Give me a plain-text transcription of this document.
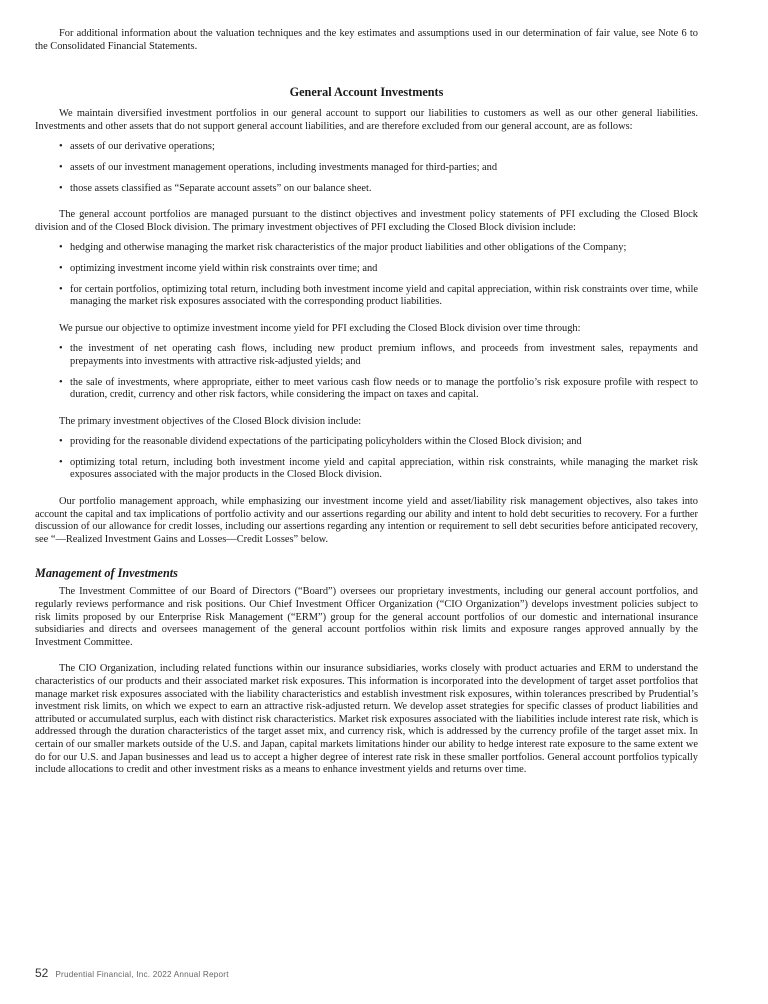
For additional information about the valuation techniques and the key estimates and assumptions used in our determination of fair value, see Note 6 to the Consolidated Financial Statements.

General Account Investments

We maintain diversified investment portfolios in our general account to support our liabilities to customers as well as our other general liabilities. Investments and other assets that do not support general account liabilities, and are therefore excluded from our general account, are as follows:

• assets of our derivative operations;
• assets of our investment management operations, including investments managed for third-parties; and
• those assets classified as “Separate account assets” on our balance sheet.

The general account portfolios are managed pursuant to the distinct objectives and investment policy statements of PFI excluding the Closed Block division and of the Closed Block division. The primary investment objectives of PFI excluding the Closed Block division include:

• hedging and otherwise managing the market risk characteristics of the major product liabilities and other obligations of the Company;
• optimizing investment income yield within risk constraints over time; and
• for certain portfolios, optimizing total return, including both investment income yield and capital appreciation, within risk constraints over time, while managing the market risk exposures associated with the corresponding product liabilities.

We pursue our objective to optimize investment income yield for PFI excluding the Closed Block division over time through:

• the investment of net operating cash flows, including new product premium inflows, and proceeds from investment sales, repayments and prepayments into investments with attractive risk-adjusted yields; and
• the sale of investments, where appropriate, either to meet various cash flow needs or to manage the portfolio’s risk exposure profile with respect to duration, credit, currency and other risk factors, while considering the impact on taxes and capital.

The primary investment objectives of the Closed Block division include:

• providing for the reasonable dividend expectations of the participating policyholders within the Closed Block division; and
• optimizing total return, including both investment income yield and capital appreciation, within risk constraints, while managing the market risk exposures associated with the major products in the Closed Block division.

Our portfolio management approach, while emphasizing our investment income yield and asset/liability risk management objectives, also takes into account the capital and tax implications of portfolio activity and our assertions regarding our ability and intent to hold debt securities to recovery. For a further discussion of our allowance for credit losses, including our assertions regarding any intention or requirement to sell debt securities before anticipated recovery, see “—Realized Investment Gains and Losses—Credit Losses” below.

Management of Investments

The Investment Committee of our Board of Directors (“Board”) oversees our proprietary investments, including our general account portfolios, and regularly reviews performance and risk positions. Our Chief Investment Officer Organization (“CIO Organization”) develops investment policies subject to risk limits proposed by our Enterprise Risk Management (“ERM”) group for the general account portfolios of our domestic and international insurance subsidiaries and directs and oversees management of the general account portfolios within risk limits and exposure ranges approved annually by the Investment Committee.

The CIO Organization, including related functions within our insurance subsidiaries, works closely with product actuaries and ERM to understand the characteristics of our products and their associated market risk exposures. This information is incorporated into the development of target asset portfolios that manage market risk exposures associated with the liability characteristics and establish investment risk exposures, within tolerances prescribed by Prudential’s investment risk limits, on which we expect to earn an attractive risk-adjusted return. We develop asset strategies for specific classes of product liabilities and attributed or accumulated surplus, each with distinct risk characteristics. Market risk exposures associated with the liabilities include interest rate risk, which is addressed through the duration characteristics of the target asset mix, and currency risk, which is addressed by the currency profile of the target asset mix. In certain of our smaller markets outside of the U.S. and Japan, capital markets limitations hinder our ability to hedge interest rate exposure to the same extent we do for our U.S. and Japan businesses and lead us to accept a higher degree of interest rate risk in these smaller portfolios. General account portfolios typically include allocations to credit and other investment risks as a means to enhance investment yields and returns over time.

52 Prudential Financial, Inc. 2022 Annual Report
